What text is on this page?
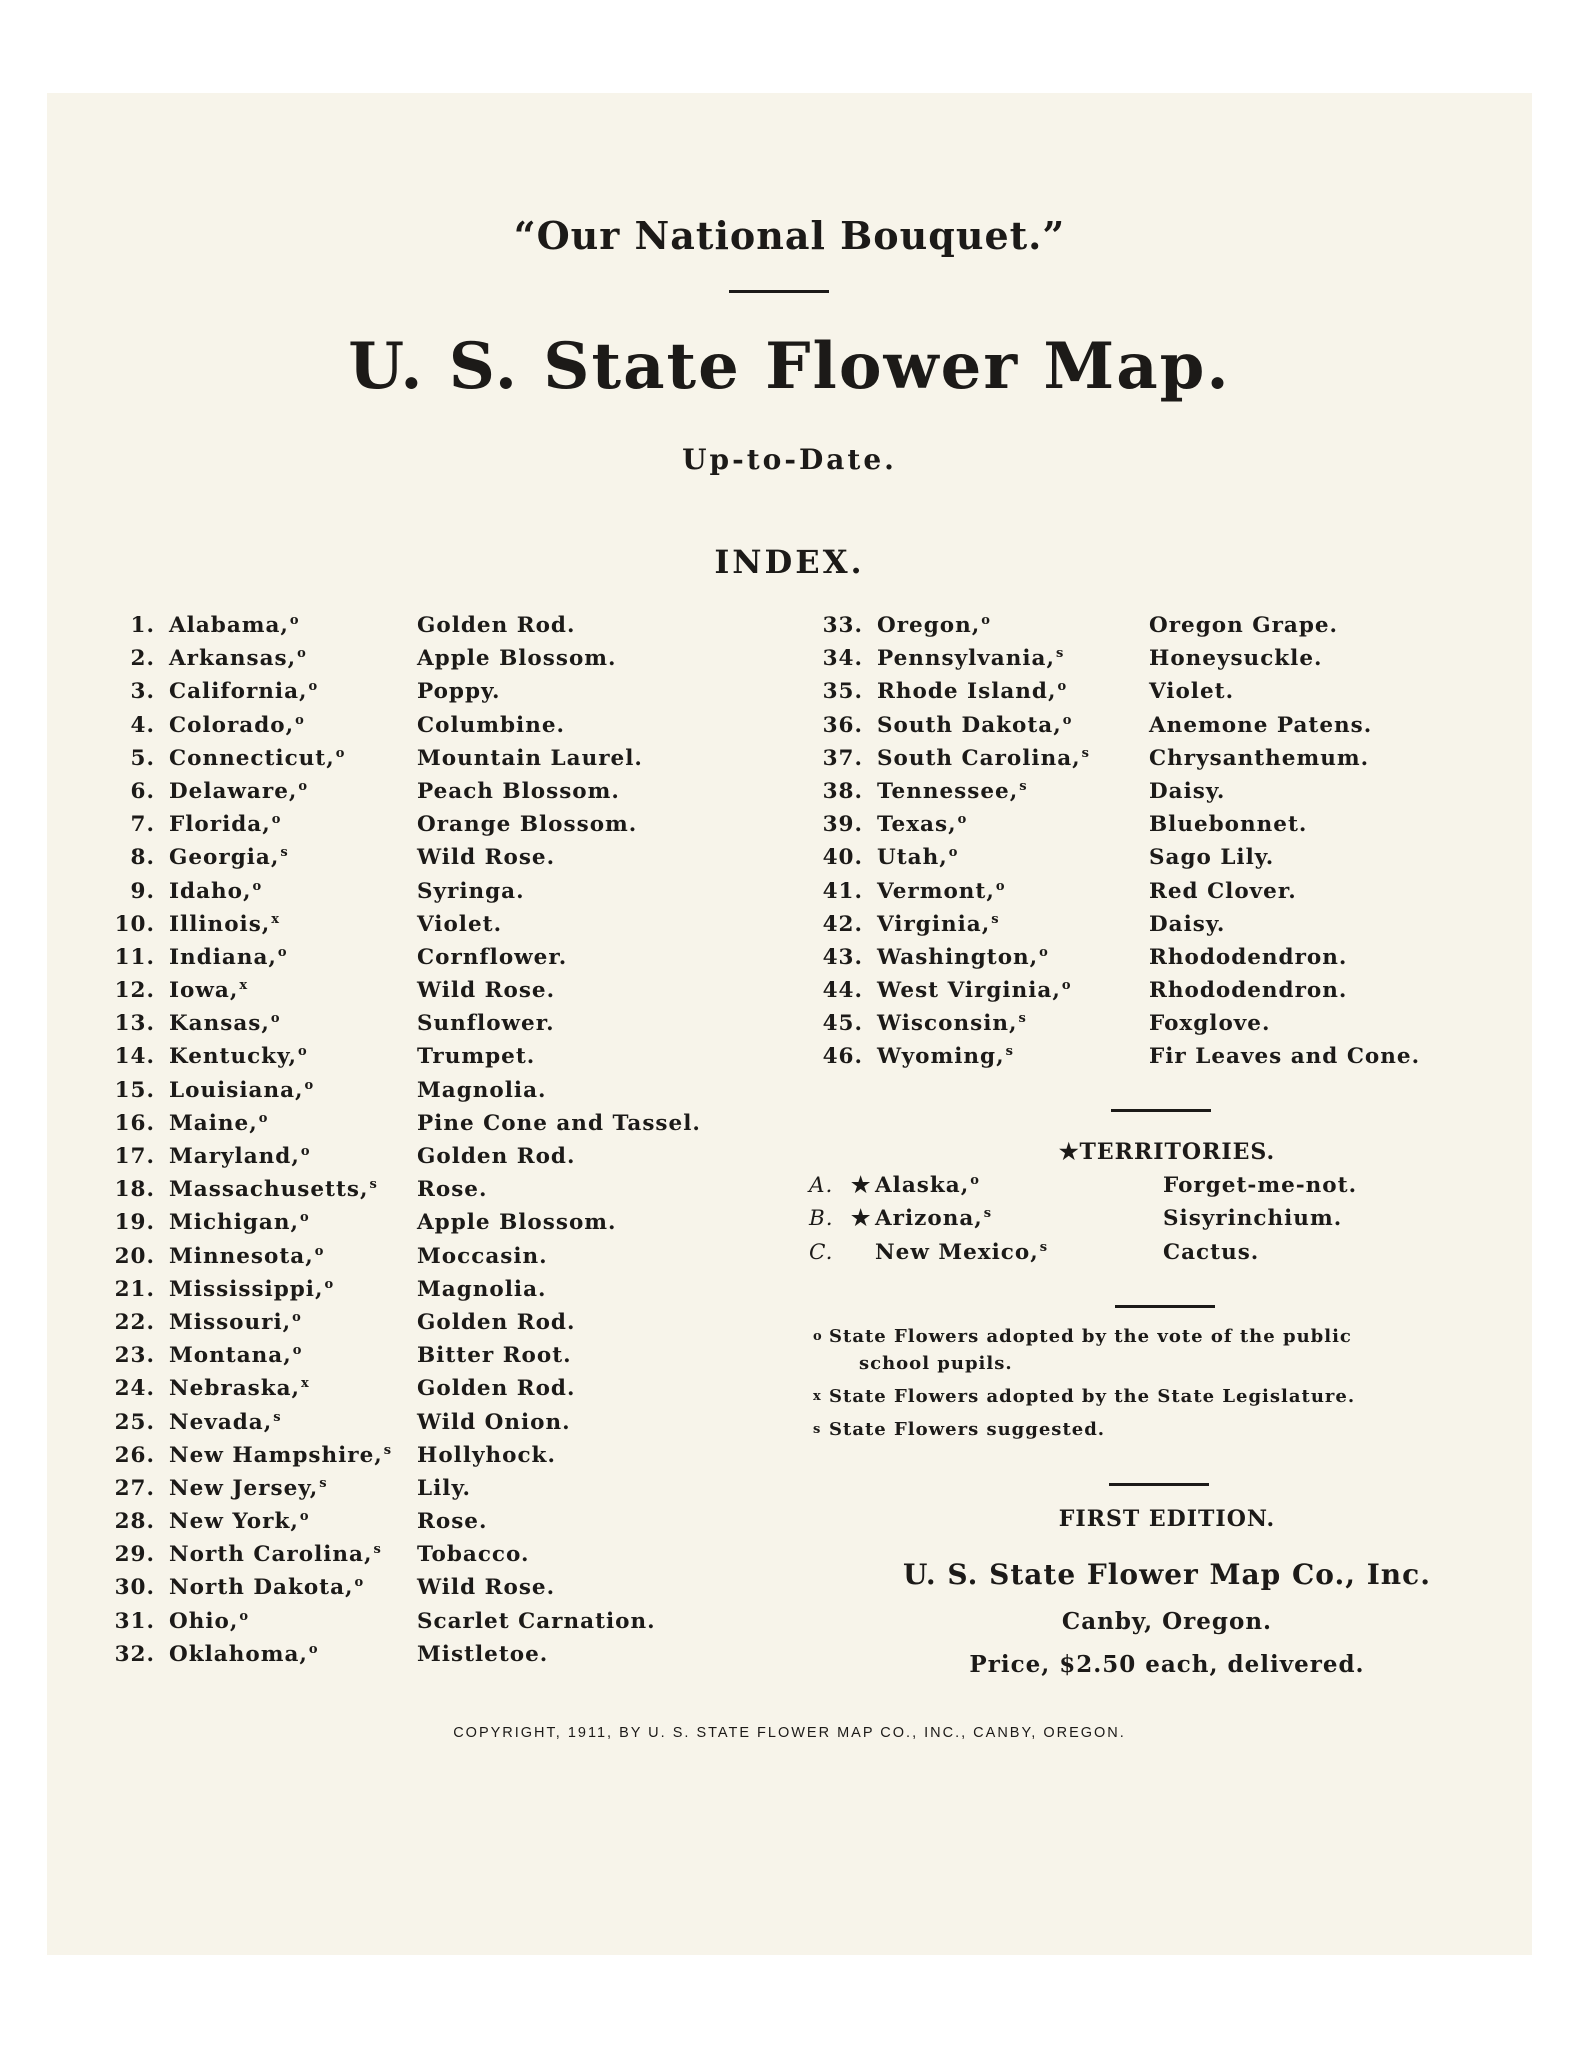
“Our National Bouquet.”
U. S. State Flower Map.
Up-to-Date.
INDEX.
1. Alabama,$^o$	Golden Rod.
2. Arkansas,$^o$	Apple Blossom.
3. California,$^o$	Poppy.
4. Colorado,$^o$	Columbine.
5. Connecticut,$^o$	Mountain Laurel.
6. Delaware,$^o$	Peach Blossom.
7. Florida,$^o$	Orange Blossom.
8. Georgia,$^s$	Wild Rose.
9. Idaho,$^o$	Syringa.
10. Illinois,$^x$	Violet.
11. Indiana,$^o$	Cornflower.
12. Iowa,$^x$	Wild Rose.
13. Kansas,$^o$	Sunflower.
14. Kentucky,$^o$	Trumpet.
15. Louisiana,$^o$	Magnolia.
16. Maine,$^o$	Pine Cone and Tassel.
17. Maryland,$^o$	Golden Rod.
18. Massachusetts,$^s$ Rose.
19. Michigan,$^o$	Apple Blossom.
20. Minnesota,$^o$	Moccasin.
21. Mississippi,$^o$	Magnolia.
22. Missouri,$^o$	Golden Rod.
23. Montana,$^o$	Bitter Root.
24. Nebraska,$^x$	Golden Rod.
25. Nevada,$^s$	Wild Onion.
26. New Hampshire,$^s$ Hollyhock.
27. New Jersey,$^s$	Lily.
28. New York,$^o$	Rose.
29. North Carolina,$^s$ Tobacco.
30. North Dakota,$^o$ Wild Rose.
31. Ohio,$^o$	Scarlet Carnation.
32. Oklahoma,$^o$	Mistletoe.
33. Oregon,$^o$	Oregon Grape.
34. Pennsylvania,$^s$	Honeysuckle.
35. Rhode Island,$^o$	Violet.
36. South Dakota,$^o$	Anemone Patens.
37. South Carolina,$^s$	Chrysanthemum.
38. Tennessee,$^s$	Daisy.
39. Texas,$^o$	Bluebonnet.
40. Utah,$^o$	Sago Lily.
41. Vermont,$^o$	Red Clover.
42. Virginia,$^s$	Daisy.
43. Washington,$^o$	Rhododendron.
44. West Virginia,$^o$	Rhododendron.
45. Wisconsin,$^s$	Foxglove.
46. Wyoming,$^s$	Fir Leaves and Cone.
★TERRITORIES.
A. ★ Alaska,$^o$	Forget-me-not.
B. ★ Arizona,$^s$	Sisyrinchium.
C. New Mexico,$^s$	Cactus.
o State Flowers adopted by the vote of the public
school pupils.
x State Flowers adopted by the State Legislature.
s State Flowers suggested.
FIRST EDITION.
U. S. State Flower Map Co., Inc.
Canby, Oregon.
Price, $2.50 each, delivered.
COPYRIGHT, 1911, BY U. S. STATE FLOWER MAP CO., INC., CANBY, OREGON.
